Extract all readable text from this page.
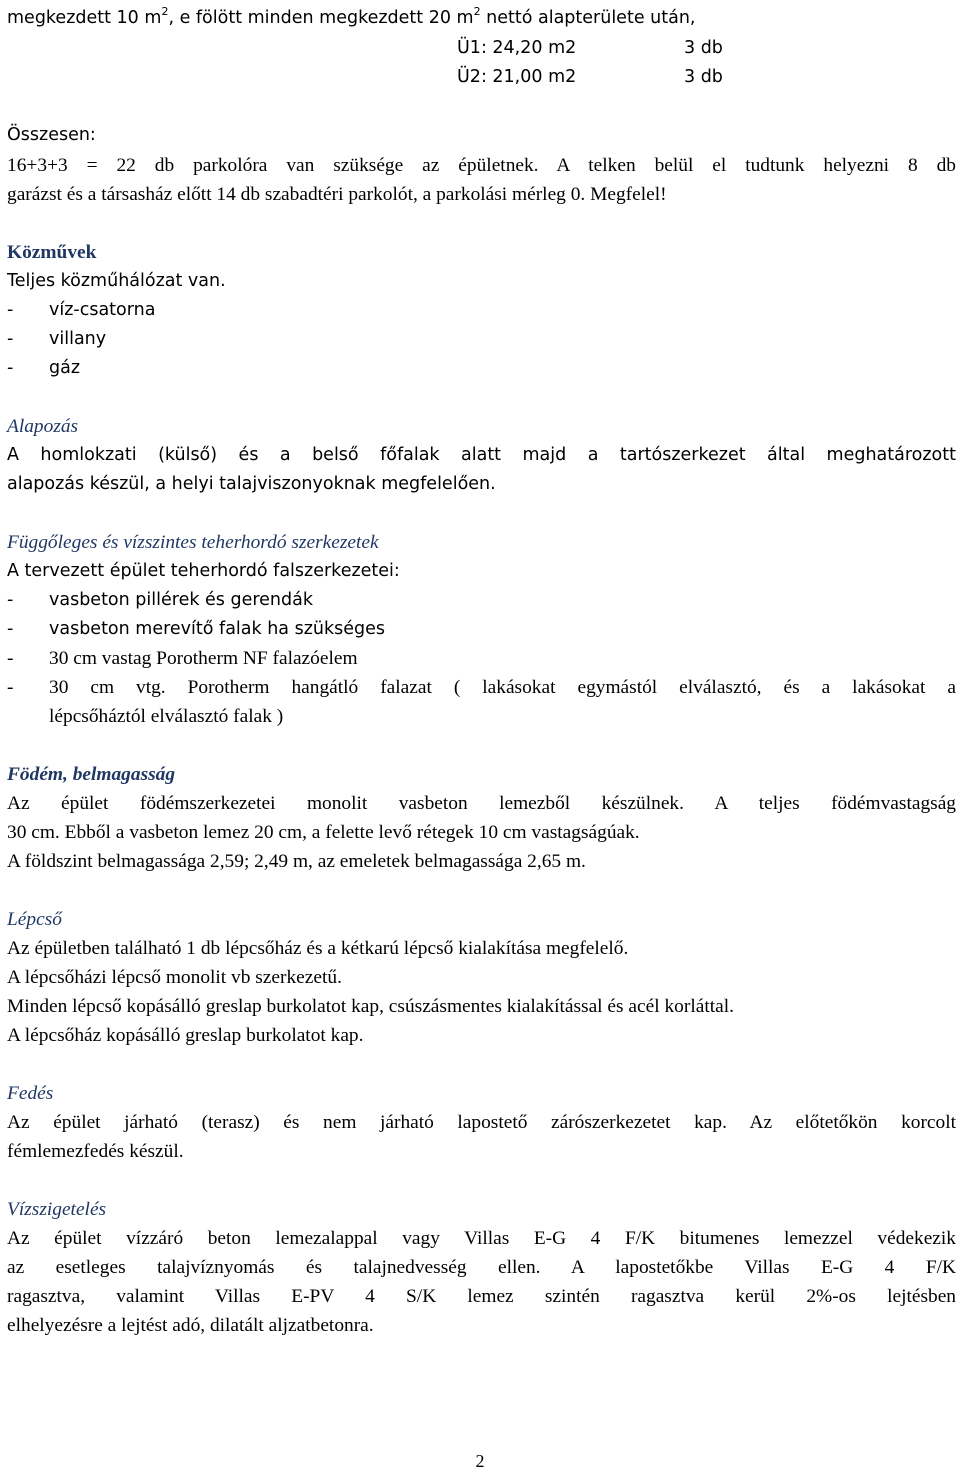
megkezdett 10 $m^2$, e fölött minden megkezdett 20 $m^2$ nettó alapterülete után,
Ü1: 24,20 m2	3 db
Ü2: 21,00 m2	3 db
Összesen:
16+3+3 = 22 db parkolóra van szüksége az épületnek. A telken belül el tudtunk helyezni 8 db
garázst és a társasház előtt 14 db szabadtéri parkolót, a parkolási mérleg 0. Megfelel!
Közművek
Teljes közműhálózat van.
- víz-csatorna
- villany
- gáz
Alapozás
A homlokzati (külső) és a belső főfalak alatt majd a tartószerkezet által meghatározott
alapozás készül, a helyi talajviszonyoknak megfelelően.
Függőleges és vízszintes teherhordó szerkezetek
A tervezett épület teherhordó falszerkezetei:
- vasbeton pillérek és gerendák
- vasbeton merevítő falak ha szükséges
- 30 cm vastag Porotherm NF falazóelem
- 30 cm vtg. Porotherm hangátló falazat ( lakásokat egymástól elválasztó, és a lakásokat a
lépcsőháztól elválasztó falak )
Födém, belmagasság
Az épület födémszerkezetei monolit vasbeton lemezből készülnek. A teljes födémvastagság
30 cm. Ebből a vasbeton lemez 20 cm, a felette levő rétegek 10 cm vastagságúak.
A földszint belmagassága 2,59; 2,49 m, az emeletek belmagassága 2,65 m.
Lépcső
Az épületben található 1 db lépcsőház és a kétkarú lépcső kialakítása megfelelő.
A lépcsőházi lépcső monolit vb szerkezetű.
Minden lépcső kopásálló greslap burkolatot kap, csúszásmentes kialakítással és acél korláttal.
A lépcsőház kopásálló greslap burkolatot kap.
Fedés
Az épület járható (terasz) és nem járható lapostető zárószerkezetet kap. Az előtetőkön korcolt
fémlemezfedés készül.
Vízszigetelés
Az épület vízzáró beton lemezalappal vagy Villas E-G 4 F/K bitumenes lemezzel védekezik
az esetleges talajvíznyomás és talajnedvesség ellen. A lapostetőkbe Villas E-G 4 F/K
ragasztva, valamint Villas E-PV 4 S/K lemez szintén ragasztva kerül 2%-os lejtésben
elhelyezésre a lejtést adó, dilatált aljzatbetonra.
2
